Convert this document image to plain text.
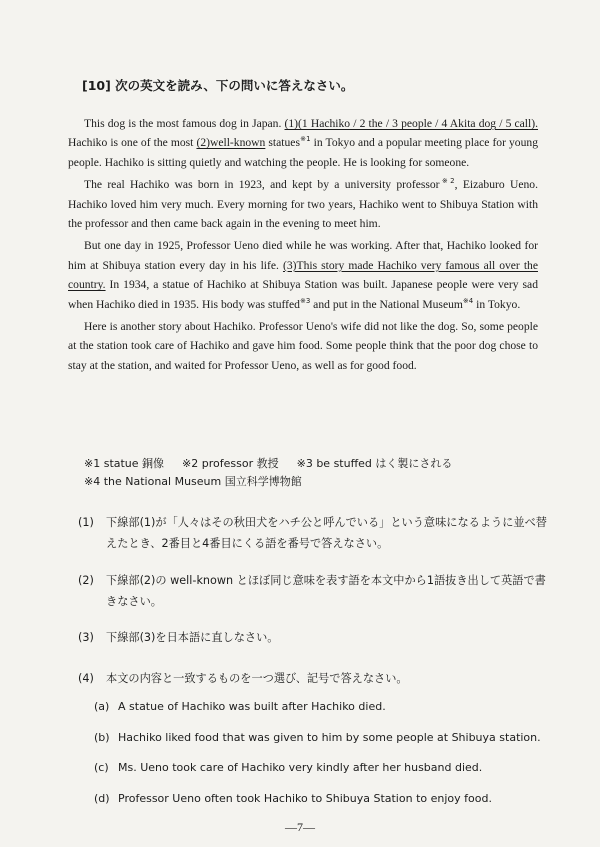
[10] 次の英文を読み、下の問いに答えなさい。

This dog is the most famous dog in Japan. (1)(1 Hachiko / 2 the / 3 people / 4 Akita dog / 5 call). Hachiko is one of the most (2)well-known statues$^{※1}$ in Tokyo and a popular meeting place for young people. Hachiko is sitting quietly and watching the people. He is looking for someone.

The real Hachiko was born in 1923, and kept by a university professor$^{※2}$, Eizaburo Ueno. Hachiko loved him very much. Every morning for two years, Hachiko went to Shibuya Station with the professor and then came back again in the evening to meet him.

But one day in 1925, Professor Ueno died while he was working. After that, Hachiko looked for him at Shibuya station every day in his life. (3)This story made Hachiko very famous all over the country. In 1934, a statue of Hachiko at Shibuya Station was built. Japanese people were very sad when Hachiko died in 1935. His body was stuffed$^{※3}$ and put in the National Museum$^{※4}$ in Tokyo.

Here is another story about Hachiko. Professor Ueno's wife did not like the dog. So, some people at the station took care of Hachiko and gave him food. Some people think that the poor dog chose to stay at the station, and waited for Professor Ueno, as well as for good food.

※1 statue 銅像 ※2 professor 教授 ※3 be stuffed はく製にされる
※4 the National Museum 国立科学博物館
(1) 下線部(1)が「人々はその秋田犬をハチ公と呼んでいる」という意味になるように並べ替
えたとき、2番目と4番目にくる語を番号で答えなさい。
(2) 下線部(2)の well-known とほぼ同じ意味を表す語を本文中から1語抜き出して英語で書
きなさい。
(3) 下線部(3)を日本語に直しなさい。
(4) 本文の内容と一致するものを一つ選び、記号で答えなさい。
(a) A statue of Hachiko was built after Hachiko died.
(b) Hachiko liked food that was given to him by some people at Shibuya station.
(c) Ms. Ueno took care of Hachiko very kindly after her husband died.
(d) Professor Ueno often took Hachiko to Shibuya Station to enjoy food.
—7—
